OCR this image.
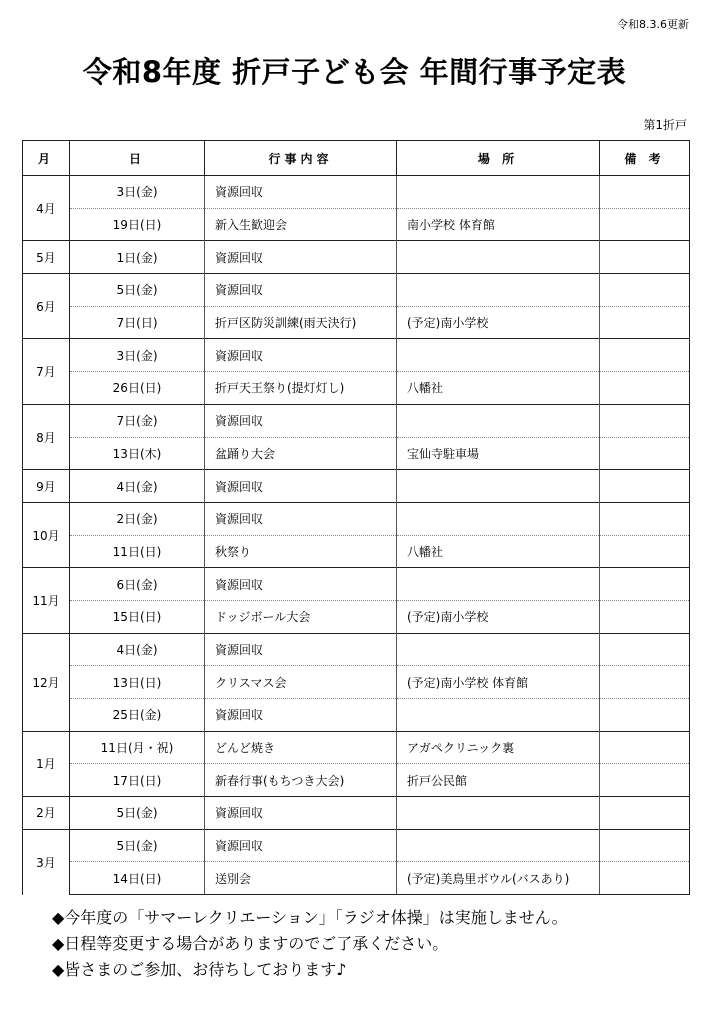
令和8.3.6更新
令和8年度 折戸子ども会 年間行事予定表
第1折戸
月	日	行事内容	場 所	備 考
4月	3日(金)	資源回収		
	19日(日)	新入生歓迎会	南小学校 体育館	
5月	1日(金)	資源回収		
6月	5日(金)	資源回収		
	7日(日)	折戸区防災訓練(雨天決行)	(予定)南小学校	
7月	3日(金)	資源回収		
	26日(日)	折戸天王祭り(提灯灯し)	八幡社	
8月	7日(金)	資源回収		
	13日(木)	盆踊り大会	宝仙寺駐車場	
9月	4日(金)	資源回収		
10月	2日(金)	資源回収		
	11日(日)	秋祭り	八幡社	
11月	6日(金)	資源回収		
	15日(日)	ドッジボール大会	(予定)南小学校	
12月	4日(金)	資源回収		
	13日(日)	クリスマス会	(予定)南小学校 体育館	
	25日(金)	資源回収		
1月	11日(月・祝)	どんど焼き	アガペクリニック裏	
	17日(日)	新春行事(もちつき大会)	折戸公民館	
2月	5日(金)	資源回収		
3月	5日(金)	資源回収		
	14日(日)	送別会	(予定)美鳥里ボウル(バスあり)	
◆今年度の「サマーレクリエーション」「ラジオ体操」は実施しません。
◆日程等変更する場合がありますのでご了承ください。
◆皆さまのご参加、お待ちしております♪
